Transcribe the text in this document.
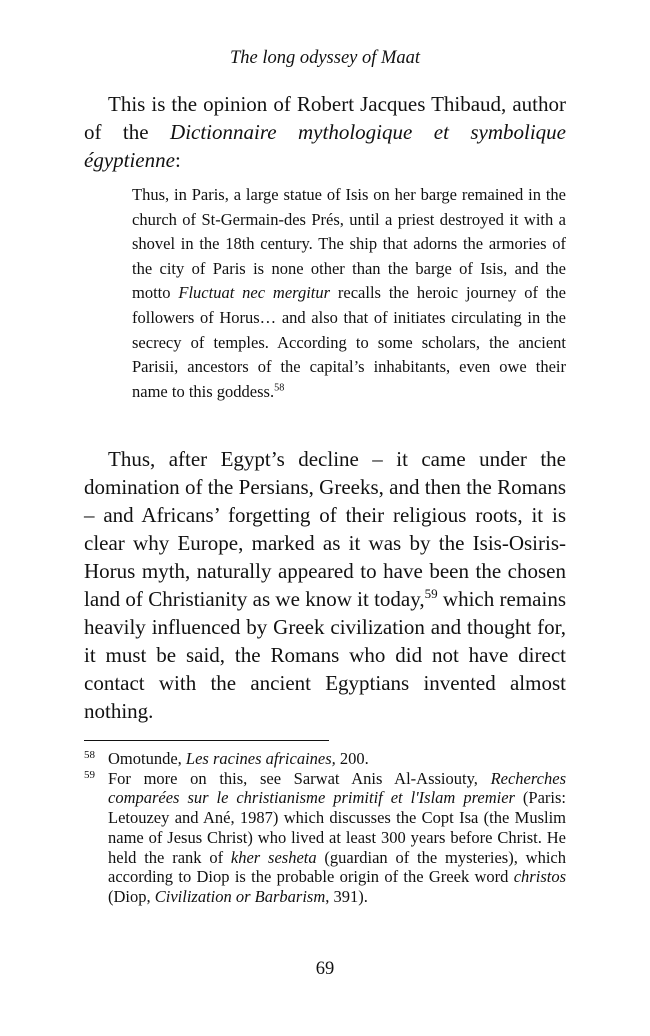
The long odyssey of Maat

This is the opinion of Robert Jacques Thibaud, author of the Dictionnaire mythologique et symbolique égyptienne:

Thus, in Paris, a large statue of Isis on her barge remained in the church of St-Germain-des Prés, until a priest destroyed it with a shovel in the 18th century. The ship that adorns the armories of the city of Paris is none other than the barge of Isis, and the motto Fluctuat nec mergitur recalls the heroic journey of the followers of Horus… and also that of initiates circulating in the secrecy of temples. According to some scholars, the ancient Parisii, ancestors of the capital’s inhabitants, even owe their name to this goddess.$^{58}$

Thus, after Egypt’s decline – it came under the domination of the Persians, Greeks, and then the Romans – and Africans’ forgetting of their religious roots, it is clear why Europe, marked as it was by the Isis-Osiris-Horus myth, naturally appeared to have been the chosen land of Christianity as we know it today,$^{59}$ which remains heavily influenced by Greek civilization and thought for, it must be said, the Romans who did not have direct contact with the ancient Egyptians invented almost nothing.

58 Omotunde, Les racines africaines, 200.
59 For more on this, see Sarwat Anis Al-Assiouty, Recherches comparées sur le christianisme primitif et l'Islam premier (Paris: Letouzey and Ané, 1987) which discusses the Copt Isa (the Muslim name of Jesus Christ) who lived at least 300 years before Christ. He held the rank of kher sesheta (guardian of the mysteries), which according to Diop is the probable origin of the Greek word christos (Diop, Civilization or Barbarism, 391).
69
